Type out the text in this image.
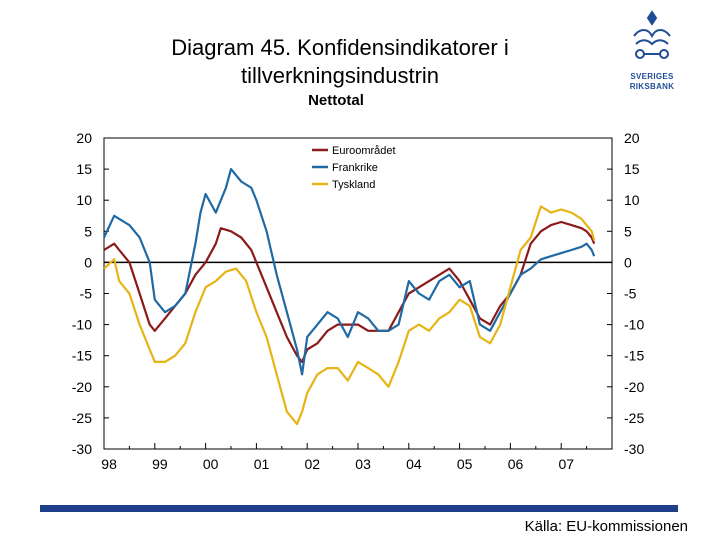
Diagram 45. Konfidensindikatorer i tillverkningsindustrin
Nettotal
SVERIGES
RIKSBANK
20	20
15	15
10	10
5	5
0	0
-5	-5
-10	-10
-15	-15
-20	-20
-25	-25
-30	-30
98	99	00	01	02	03	04	05	06	07
Euroområdet
Frankrike
Tyskland
Källa: EU-kommissionen
